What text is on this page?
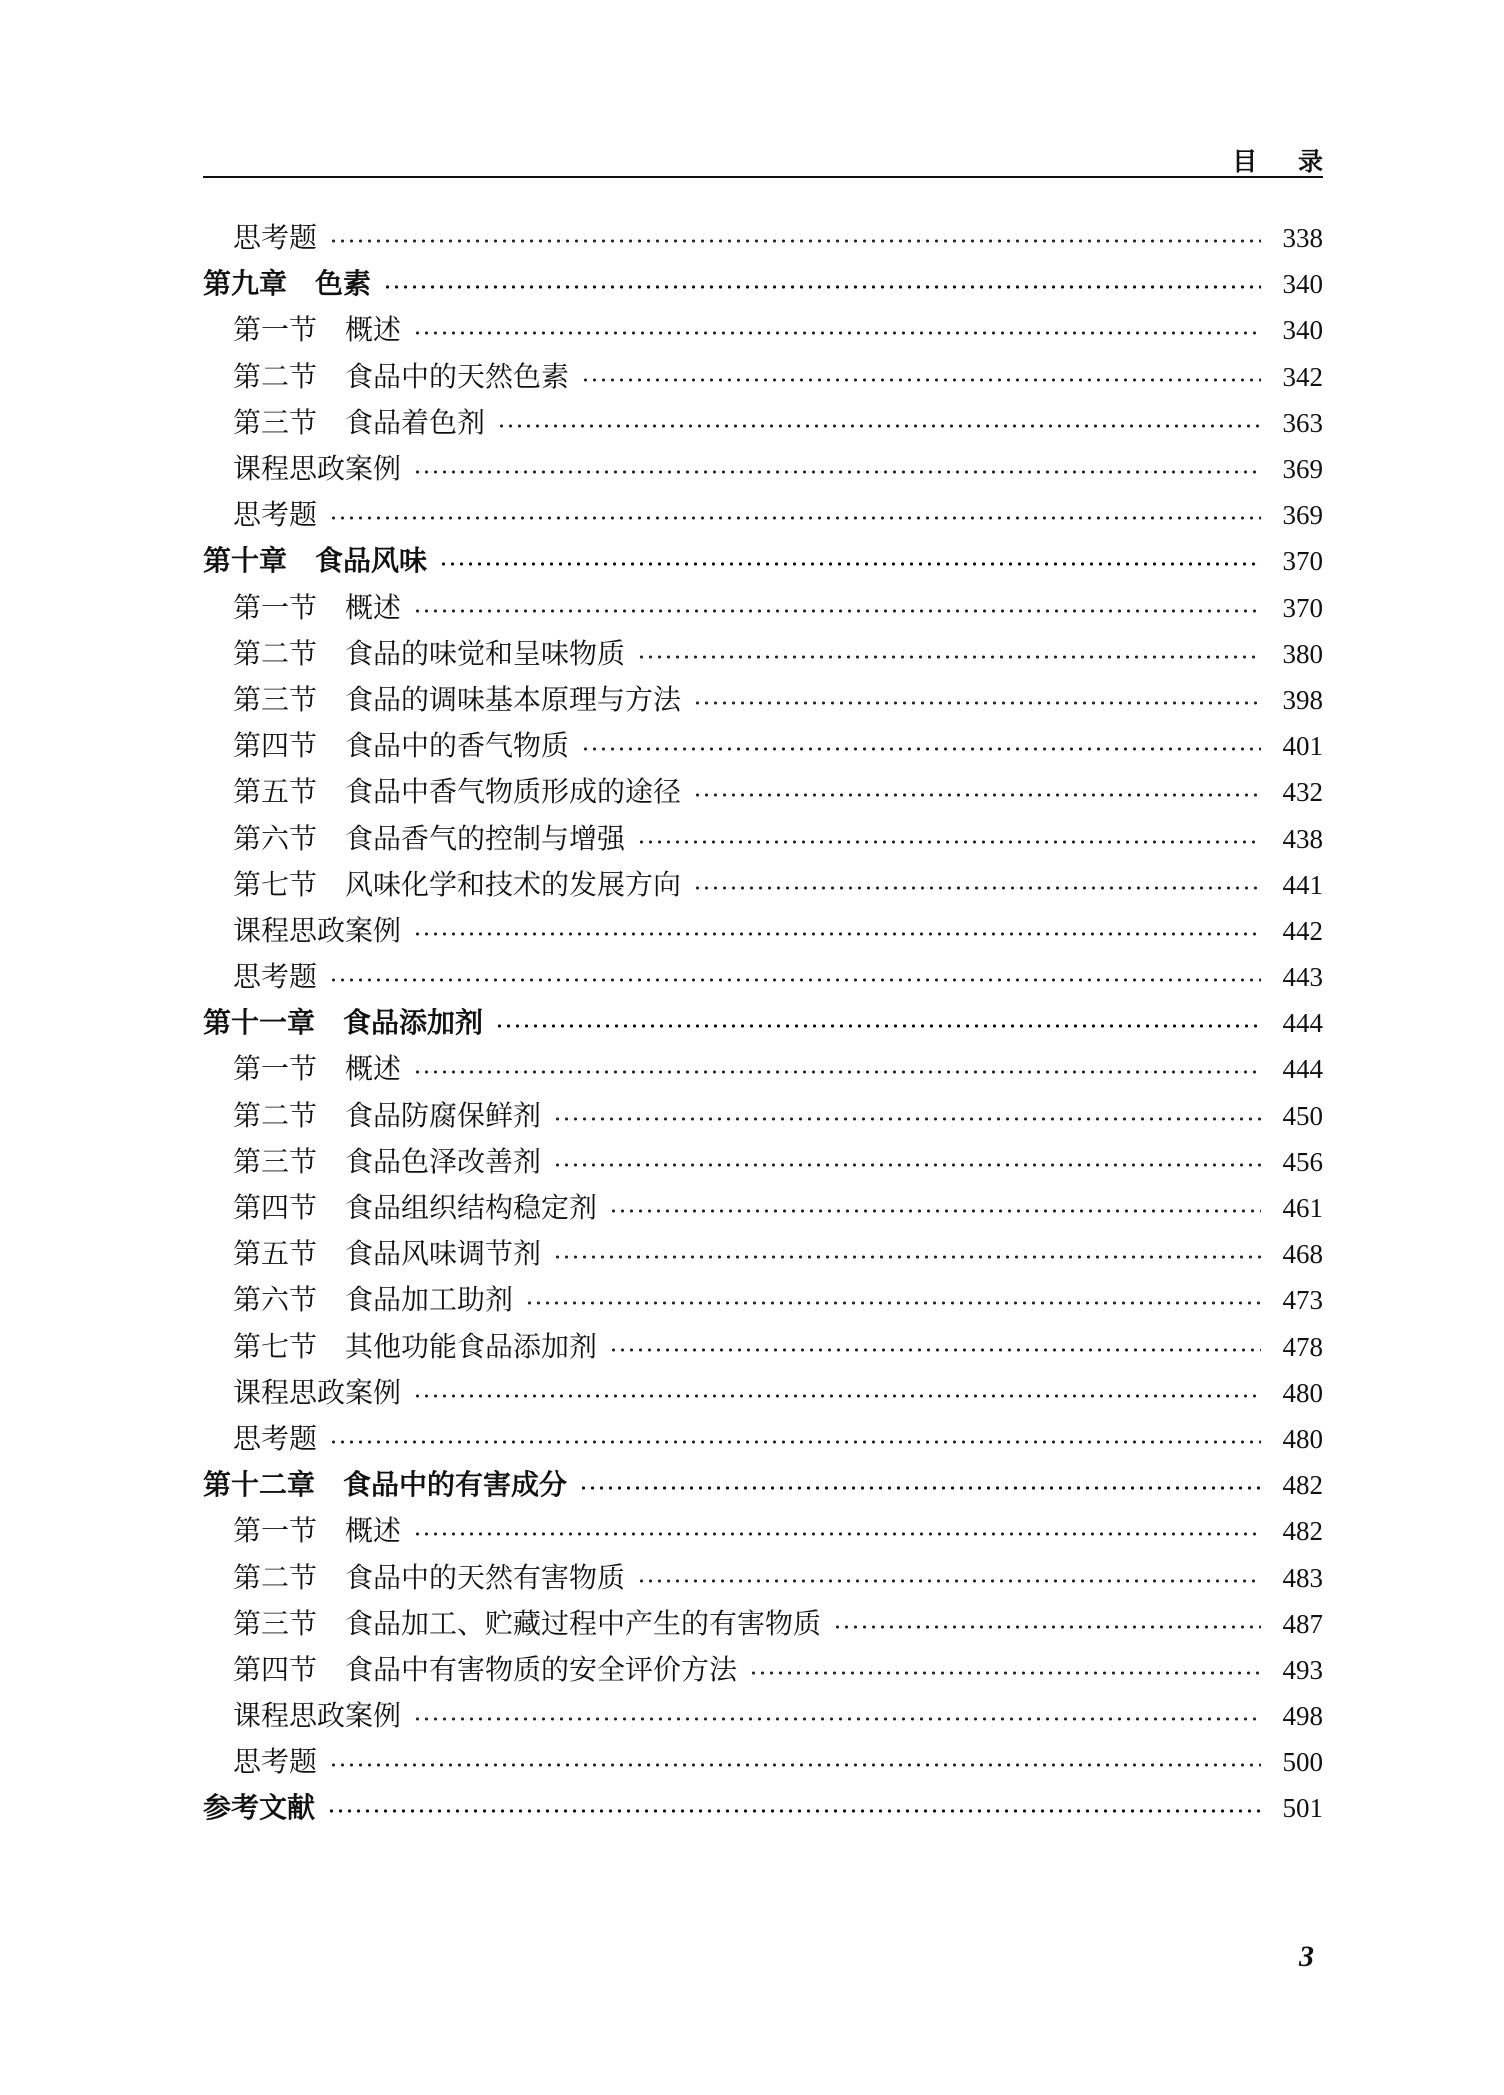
目 录
思考题	338
第九章 色素	340
第一节 概述	340
第二节 食品中的天然色素	342
第三节 食品着色剂	363
课程思政案例	369
思考题	369
第十章 食品风味	370
第一节 概述	370
第二节 食品的味觉和呈味物质	380
第三节 食品的调味基本原理与方法	398
第四节 食品中的香气物质	401
第五节 食品中香气物质形成的途径	432
第六节 食品香气的控制与增强	438
第七节 风味化学和技术的发展方向	441
课程思政案例	442
思考题	443
第十一章 食品添加剂	444
第一节 概述	444
第二节 食品防腐保鲜剂	450
第三节 食品色泽改善剂	456
第四节 食品组织结构稳定剂	461
第五节 食品风味调节剂	468
第六节 食品加工助剂	473
第七节 其他功能食品添加剂	478
课程思政案例	480
思考题	480
第十二章 食品中的有害成分	482
第一节 概述	482
第二节 食品中的天然有害物质	483
第三节 食品加工、贮藏过程中产生的有害物质	487
第四节 食品中有害物质的安全评价方法	493
课程思政案例	498
思考题	500
参考文献	501
3
